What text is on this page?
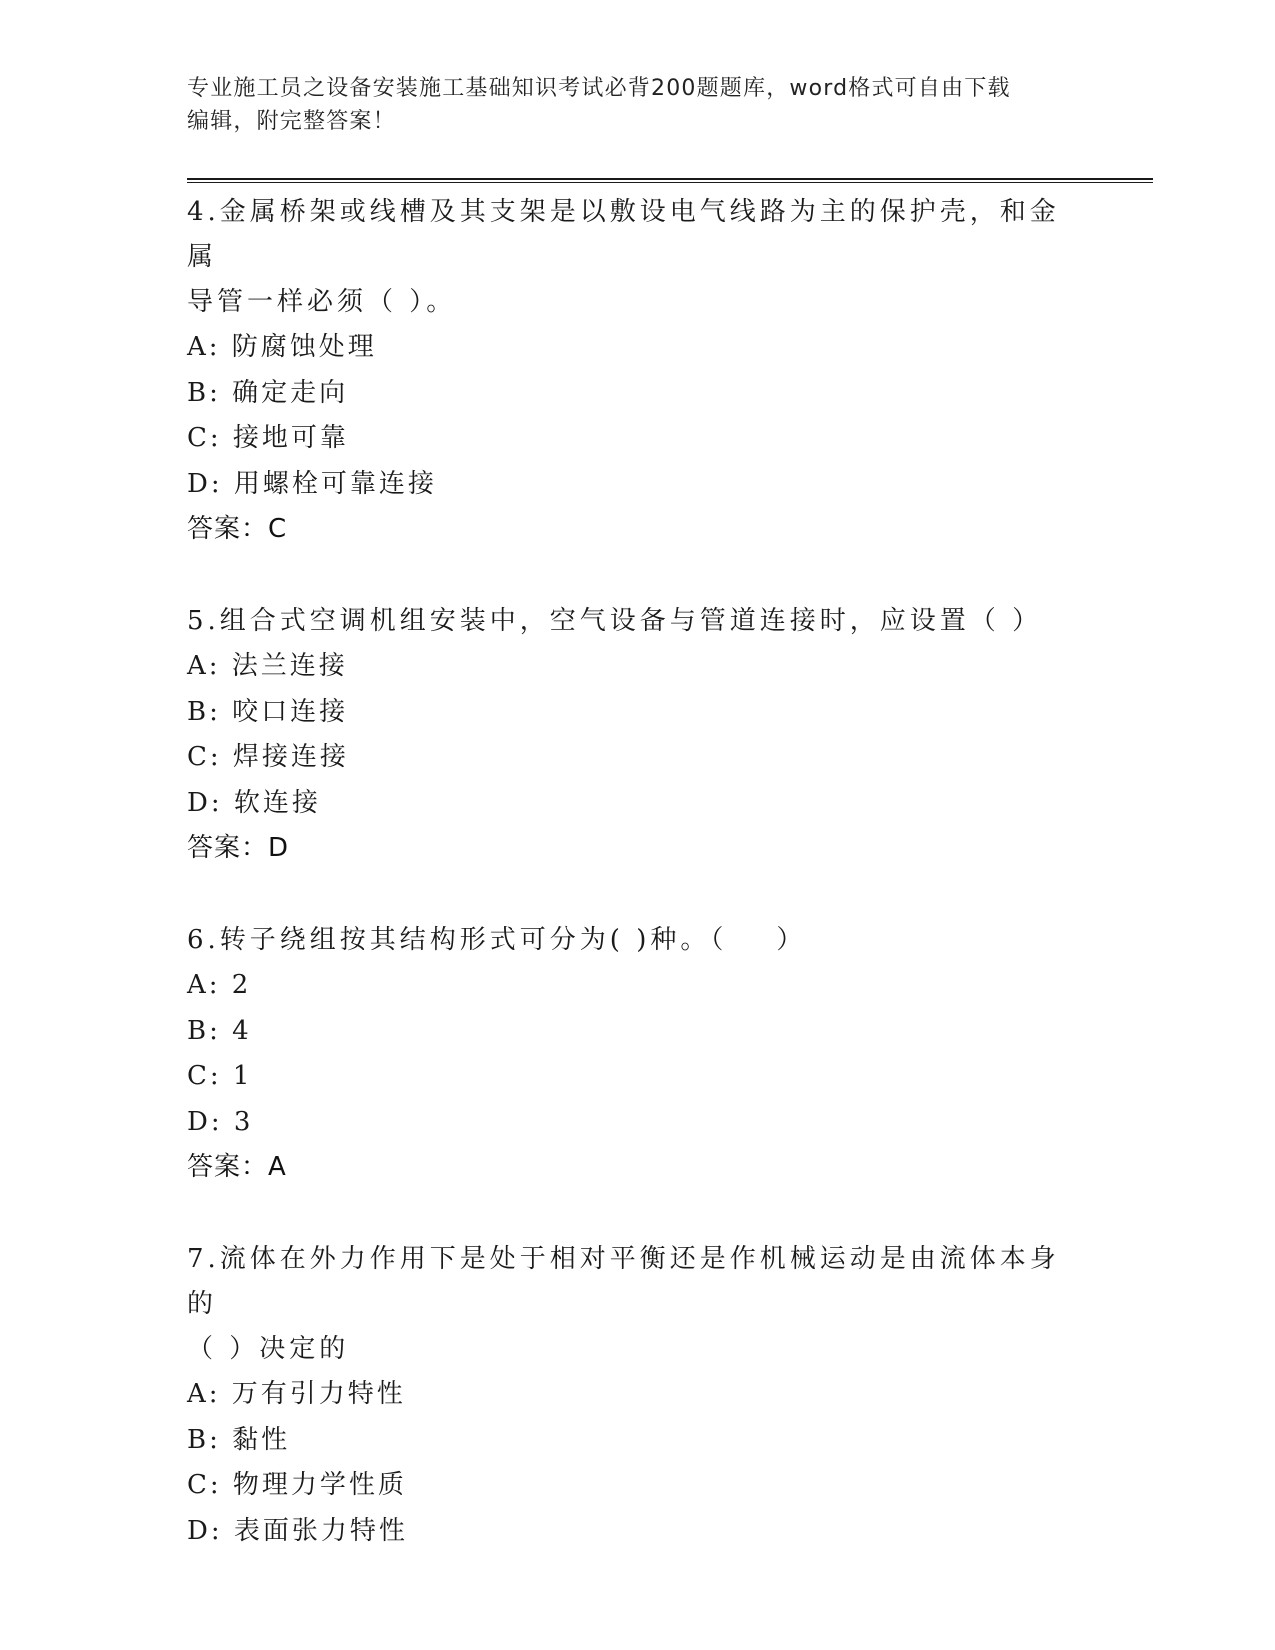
专业施工员之设备安装施工基础知识考试必背200题题库，word格式可自由下载
编辑，附完整答案！
4.金属桥架或线槽及其支架是以敷设电气线路为主的保护壳，和金属
导管一样必须（ ）。
A: 防腐蚀处理
B: 确定走向
C: 接地可靠
D: 用螺栓可靠连接
答案：C
5.组合式空调机组安装中，空气设备与管道连接时，应设置（ ）
A: 法兰连接
B: 咬口连接
C: 焊接连接
D: 软连接
答案：D
6.转子绕组按其结构形式可分为( )种。（    ）
A: 2
B: 4
C: 1
D: 3
答案：A
7.流体在外力作用下是处于相对平衡还是作机械运动是由流体本身的
（ ）决定的
A: 万有引力特性
B: 黏性
C: 物理力学性质
D: 表面张力特性
